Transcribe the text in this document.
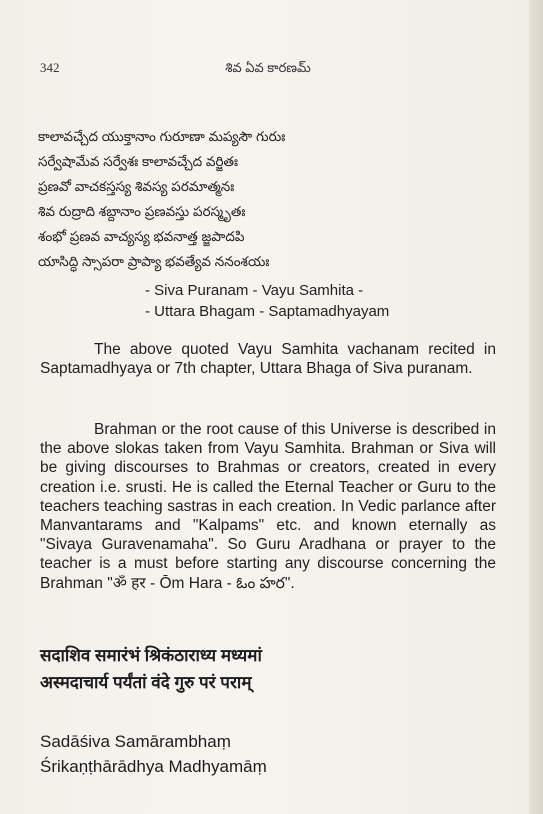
342	శివ ఏవ కారణమ్
కాలావచ్చేద యుక్తానాం గురూణా మప్యసౌ గురుః
సర్వేషామేవ సర్వేశః కాలావచ్చేద వర్జితః
ప్రణవో వాచకస్తస్య శివస్య పరమాత్మనః
శివ రుద్రాది శబ్దానాం ప్రణవస్తు పరస్మృతః
శంభో ప్రణవ వాచ్యస్య భవనాత్త జ్జపాదపి
యాసిద్ధి స్సాపరా ప్రాప్యా భవత్యేవ ననంశయః
- Siva Puranam - Vayu Samhita -
- Uttara Bhagam - Saptamadhyayam

The above quoted Vayu Samhita vachanam recited in Saptamadhyaya or 7th chapter, Uttara Bhaga of Siva puranam.

Brahman or the root cause of this Universe is described in the above slokas taken from Vayu Samhita. Brahman or Siva will be giving discourses to Brahmas or creators, created in every creation i.e. srusti. He is called the Eternal Teacher or Guru to the teachers teaching sastras in each creation. In Vedic parlance after Manvantarams and "Kalpams" etc. and known eternally as "Sivaya Guravenamaha". So Guru Aradhana or prayer to the teacher is a must before starting any discourse concerning the Brahman "ॐ हर - Ōm Hara - ఓం హర".

सदाशिव समारंभं श्रिकंठाराध्य मध्यमां
अस्मदाचार्य पर्यंतां वंदे गुरु परं पराम्
Sadāśiva Samārambhaṃ
Śrikaṇṭhārādhya Madhyamāṃ
